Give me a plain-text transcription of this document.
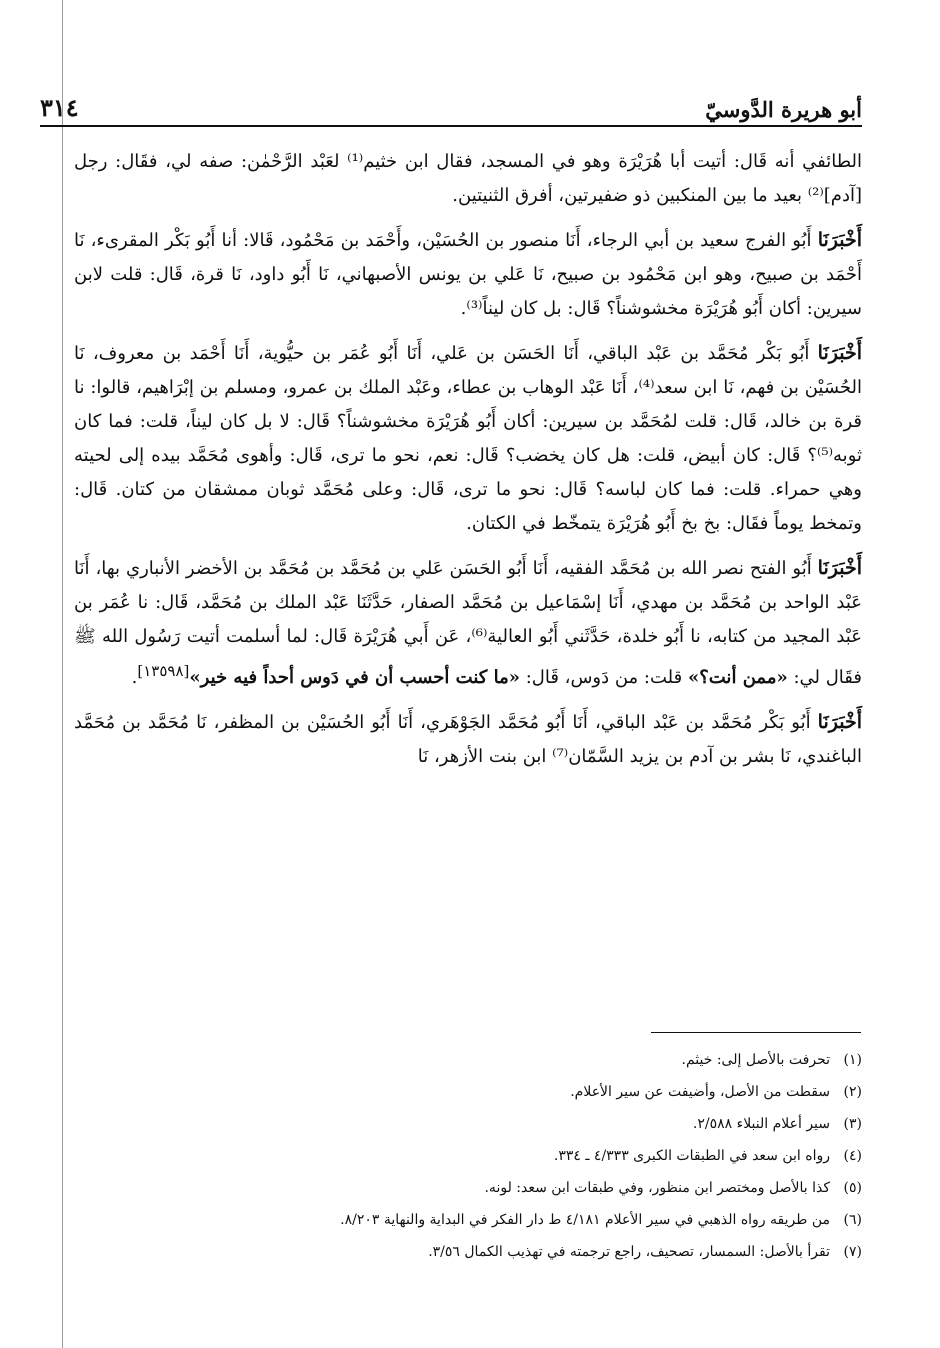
أبو هريرة الدَّوسيّ
٣١٤

الطائفي أنه قَال: أتيت أبا هُرَيْرَة وهو في المسجد، فقال ابن خثيم⁽¹⁾ لعَبْد الرَّحْمٰن: صفه لي، فقَال: رجل [آدم]⁽²⁾ بعيد ما بين المنكبين ذو ضفيرتين، أفرق الثنيتين.

أَخْبَرَنَا أَبُو الفرج سعيد بن أبي الرجاء، أَنَا منصور بن الحُسَيْن، وأَحْمَد بن مَحْمُود، قَالا: أنا أَبُو بَكْر المقرىء، نَا أَحْمَد بن صبيح، وهو ابن مَحْمُود بن صبيح، نَا عَلي بن يونس الأصبهاني، نَا أَبُو داود، نَا قرة، قَال: قلت لابن سيرين: أكان أَبُو هُرَيْرَة مخشوشناً؟ قَال: بل كان ليناً⁽³⁾.

أَخْبَرَنَا أَبُو بَكْر مُحَمَّد بن عَبْد الباقي، أَنَا الحَسَن بن عَلي، أَنَا أَبُو عُمَر بن حيُّوية، أَنَا أَحْمَد بن معروف، نَا الحُسَيْن بن فهم، نَا ابن سعد⁽⁴⁾، أَنَا عَبْد الوهاب بن عطاء، وعَبْد الملك بن عمرو، ومسلم بن إبْرَاهيم، قالوا: نا قرة بن خالد، قَال: قلت لمُحَمَّد بن سيرين: أكان أَبُو هُرَيْرَة مخشوشناً؟ قَال: لا بل كان ليناً، قلت: فما كان ثوبه⁽⁵⁾؟ قَال: كان أبيض، قلت: هل كان يخضب؟ قَال: نعم، نحو ما ترى، قَال: وأهوى مُحَمَّد بيده إلى لحيته وهي حمراء. قلت: فما كان لباسه؟ قَال: نحو ما ترى، قَال: وعلى مُحَمَّد ثوبان ممشقان من كتان. قَال: وتمخط يوماً فقَال: بخ بخ أَبُو هُرَيْرَة يتمخّط في الكتان.

أَخْبَرَنَا أَبُو الفتح نصر الله بن مُحَمَّد الفقيه، أَنَا أَبُو الحَسَن عَلي بن مُحَمَّد بن مُحَمَّد بن الأخضر الأنباري بها، أَنَا عَبْد الواحد بن مُحَمَّد بن مهدي، أَنَا إسْمَاعيل بن مُحَمَّد الصفار، حَدَّثَنَا عَبْد الملك بن مُحَمَّد، قَال: نا عُمَر بن عَبْد المجيد من كتابه، نا أَبُو خلدة، حَدَّثَني أَبُو العالية⁽⁶⁾، عَن أَبي هُرَيْرَة قَال: لما أسلمت أتيت رَسُول الله ﷺ فقَال لي: «ممن أنت؟» قلت: من دَوس، قَال: «ما كنت أحسب أن في دَوس أحداً فيه خير»[١٣٥٩٨].

أَخْبَرَنَا أَبُو بَكْر مُحَمَّد بن عَبْد الباقي، أَنَا أَبُو مُحَمَّد الجَوْهَري، أَنَا أَبُو الحُسَيْن بن المظفر، نَا مُحَمَّد بن مُحَمَّد الباغندي، نَا بشر بن آدم بن يزيد السَّمّان⁽⁷⁾ ابن بنت الأزهر، نَا

(١)
تحرفت بالأصل إلى: خيثم.
(٢)
سقطت من الأصل، وأضيفت عن سير الأعلام.
(٣)
سير أعلام النبلاء ٢/٥٨٨.
(٤)
رواه ابن سعد في الطبقات الكبرى ٤/٣٣٣ ـ ٣٣٤.
(٥)
كذا بالأصل ومختصر ابن منظور، وفي طبقات ابن سعد: لونه.
(٦)
من طريقه رواه الذهبي في سير الأعلام ٤/١٨١ ط دار الفكر في البداية والنهاية ٨/٢٠٣.
(٧)
تقرأ بالأصل: السمسار، تصحيف، راجع ترجمته في تهذيب الكمال ٣/٥٦.
